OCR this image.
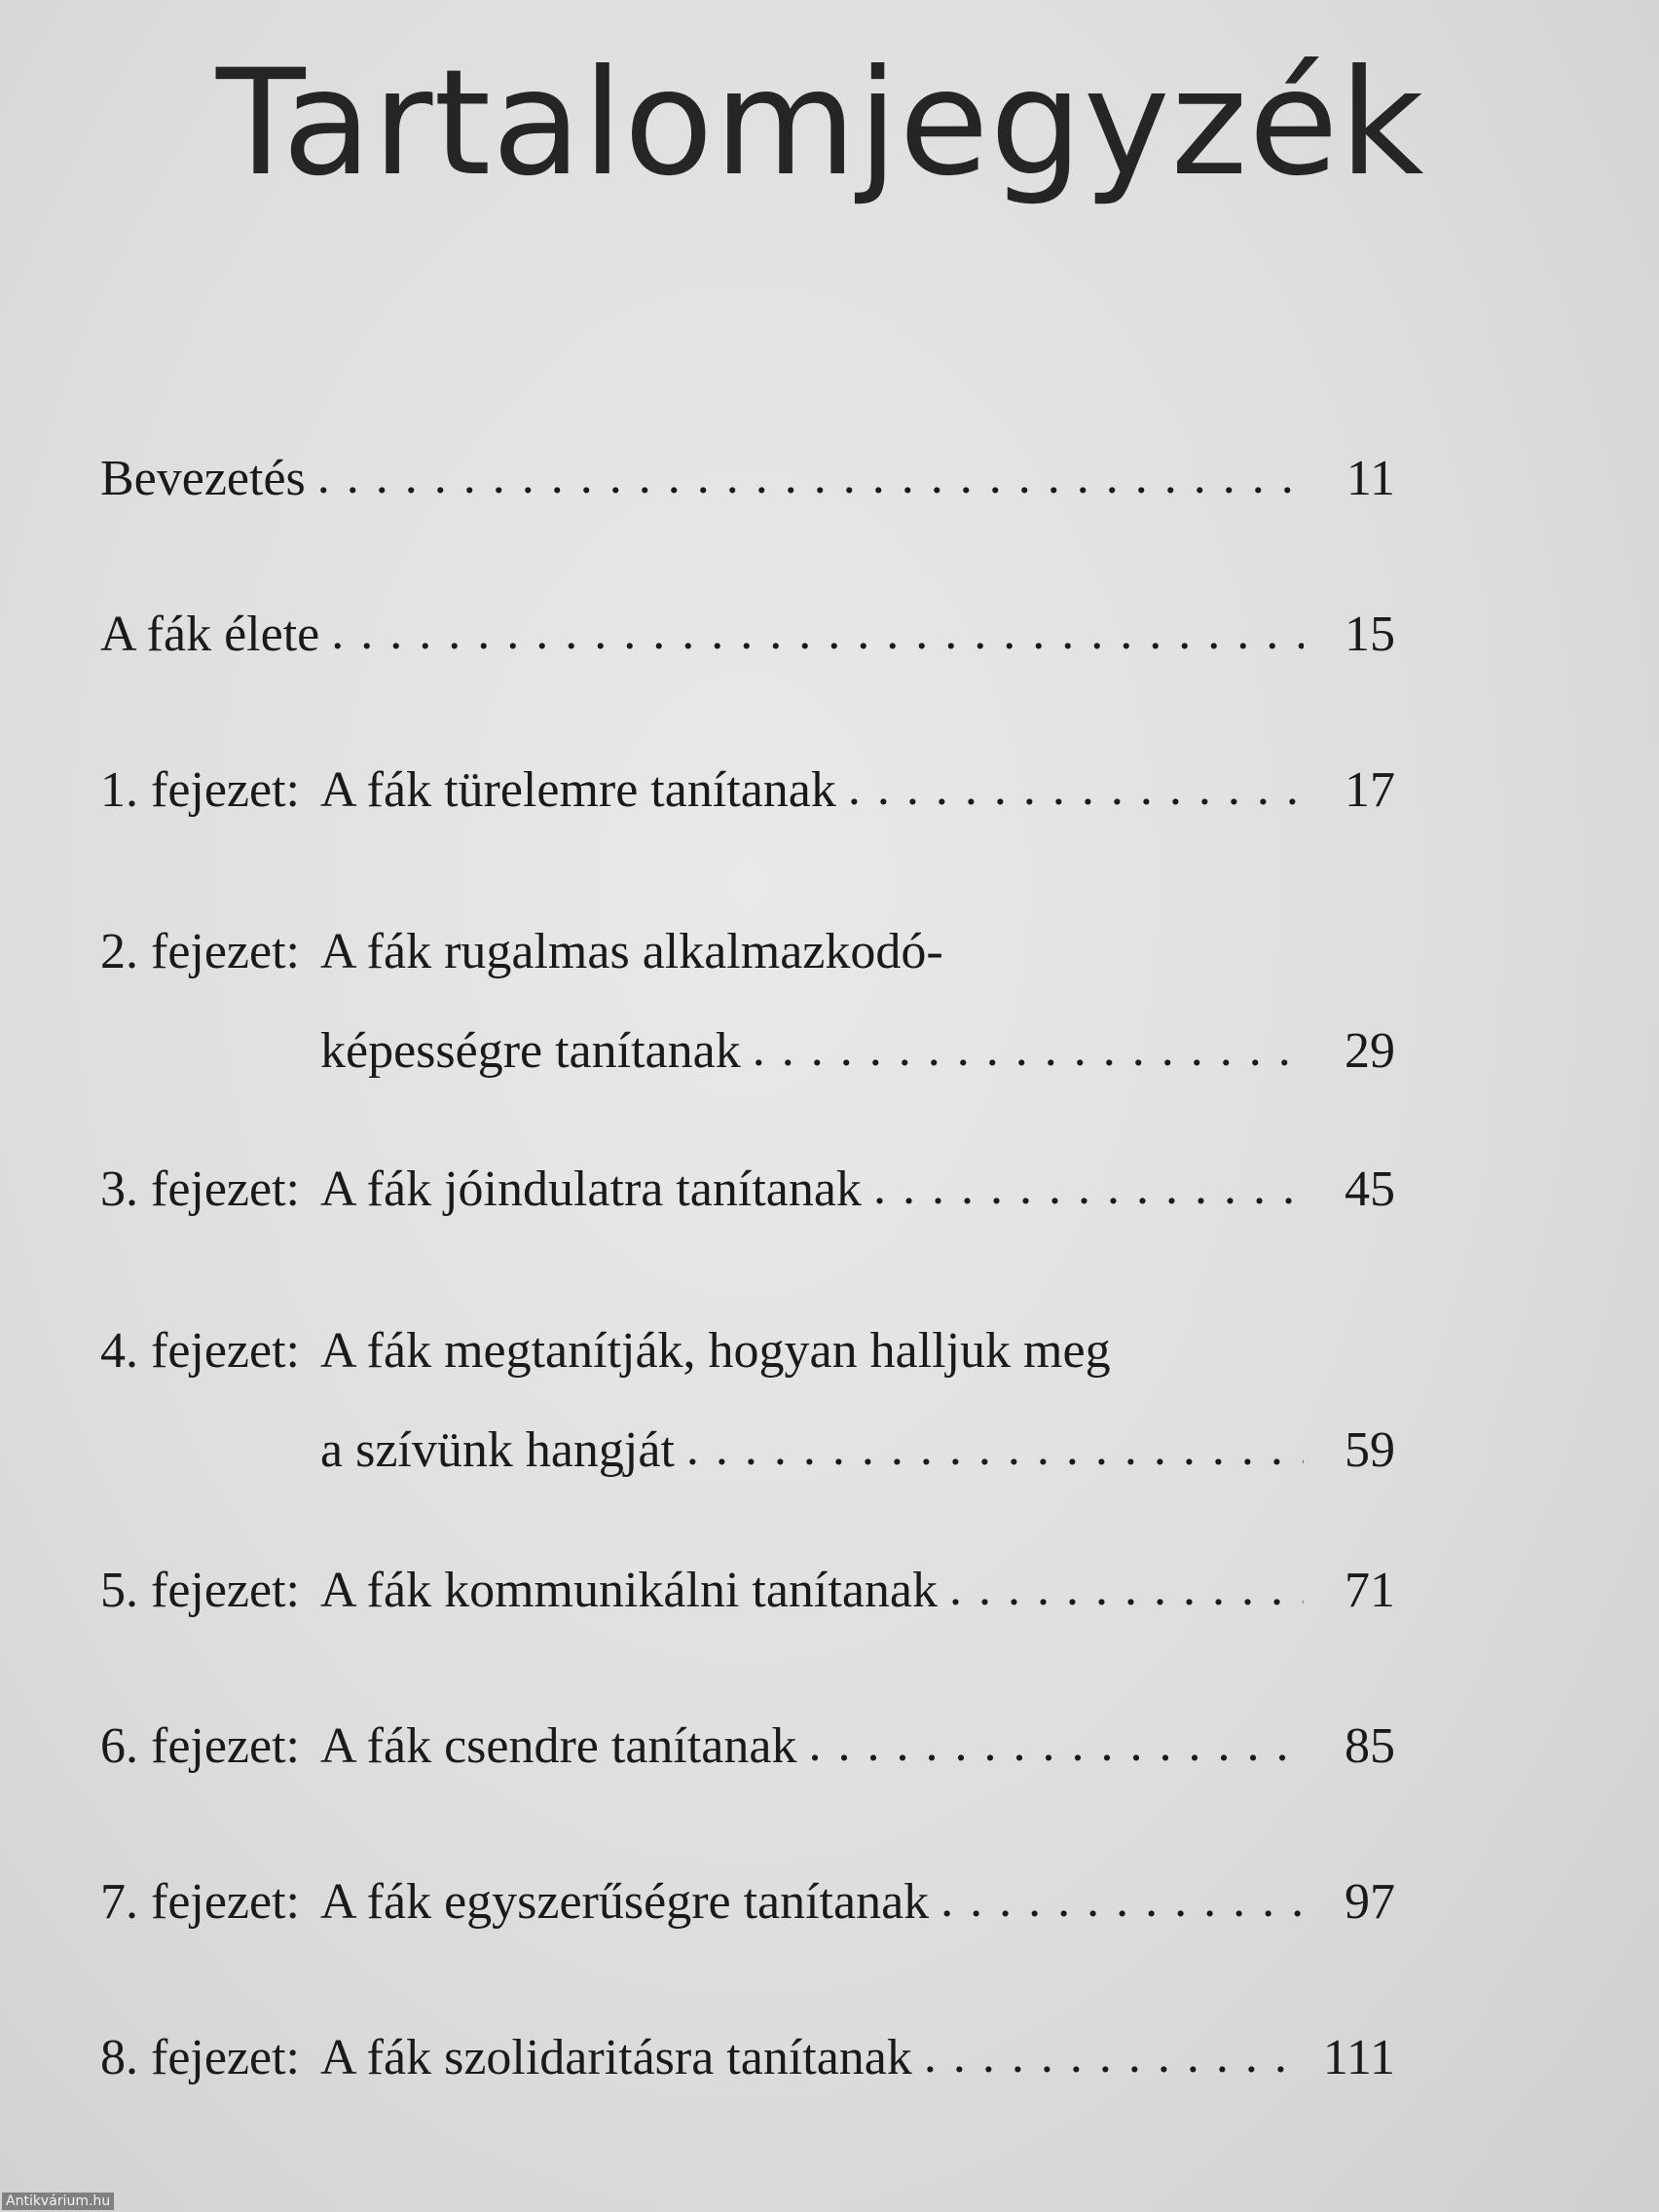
Tartalomjegyzék
Bevezetés . . .	11
A fák élete . . .	15
1. fejezet: A fák türelemre tanítanak . . .	17
2. fejezet: A fák rugalmas alkalmazkodó-
képességre tanítanak . . .	29
3. fejezet: A fák jóindulatra tanítanak . . .	45
4. fejezet: A fák megtanítják, hogyan halljuk meg
a szívünk hangját . . .	59
5. fejezet: A fák kommunikálni tanítanak . . .	71
6. fejezet: A fák csendre tanítanak . . .	85
7. fejezet: A fák egyszerűségre tanítanak . . .	97
8. fejezet: A fák szolidaritásra tanítanak . . .	111
Antikvárium.hu
